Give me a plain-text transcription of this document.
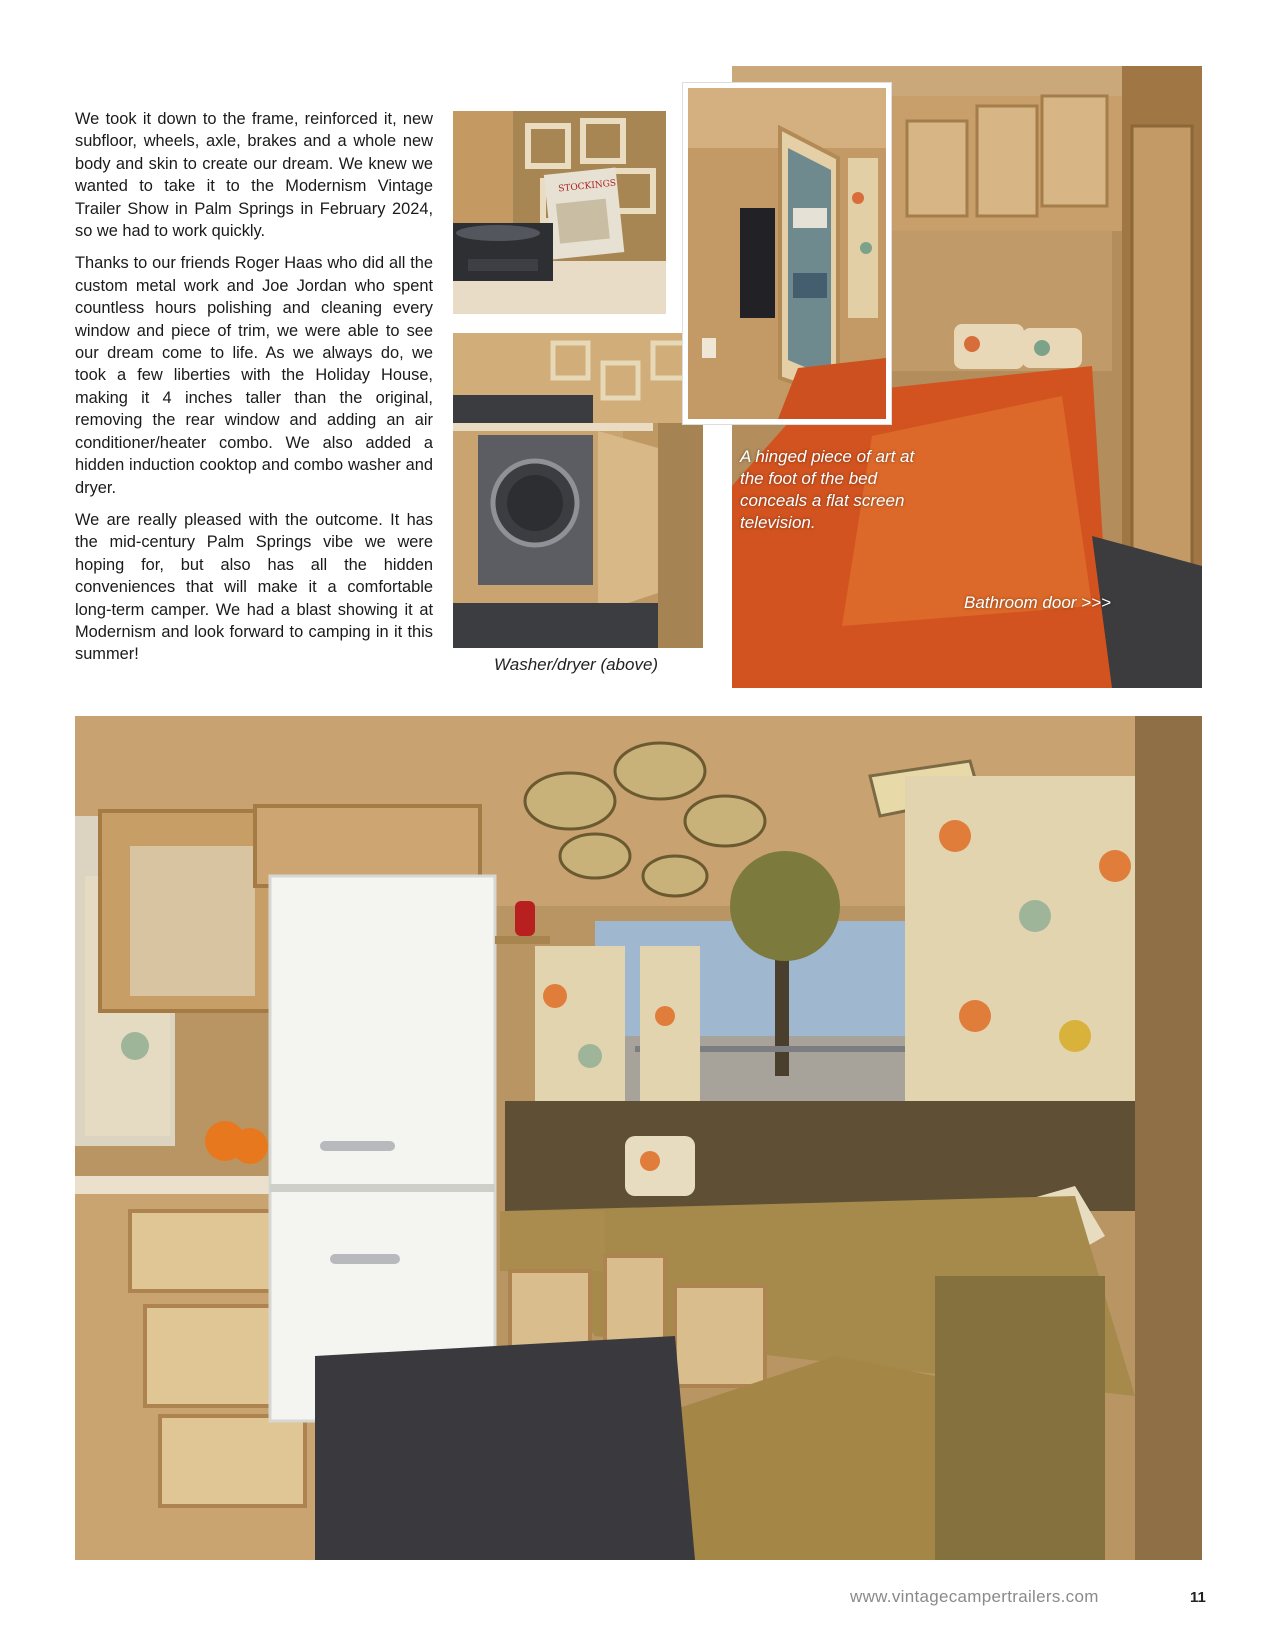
We took it down to the frame, reinforced it, new subfloor, wheels, axle, brakes and a whole new body and skin to create our dream. We knew we wanted to take it to the Modernism Vintage Trailer Show in Palm Springs in February 2024, so we had to work quickly.

Thanks to our friends Roger Haas who did all the custom metal work and Joe Jordan who spent countless hours polishing and cleaning every window and piece of trim, we were able to see our dream come to life. As we always do, we took a few liberties with the Holiday House, making it 4 inches taller than the original, removing the rear window and adding an air conditioner/heater combo. We also added a hidden induction cooktop and combo washer and dryer.

We are really pleased with the outcome. It has the mid-century Palm Springs vibe we were hoping for, but also has all the hidden conveniences that will make it a comfortable long-term camper. We had a blast showing it at Modernism and look forward to camping in it this summer!

STOCKINGS
Washer/dryer (above)
A hinged piece of art at the foot of the bed conceals a flat screen television.
Bathroom door >>>
www.vintagecampertrailers.com	11
